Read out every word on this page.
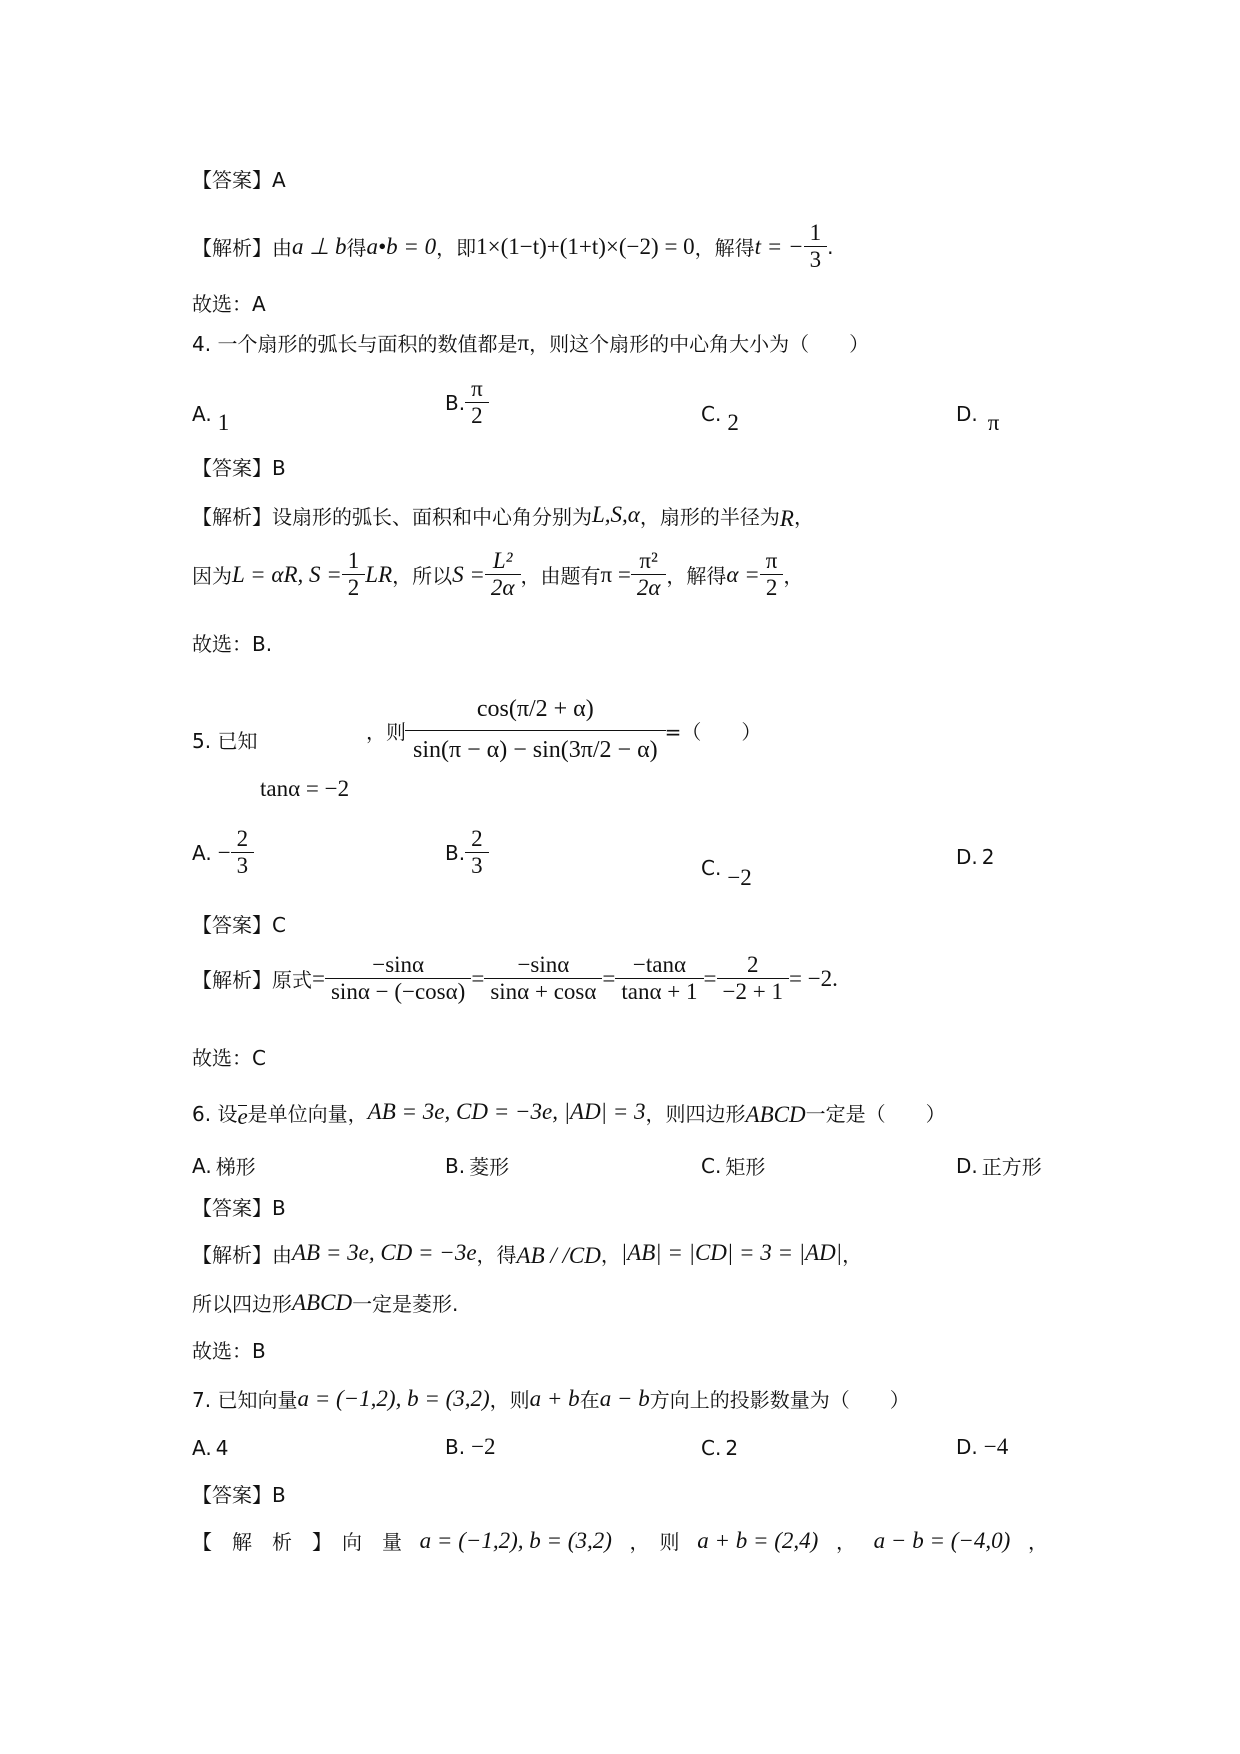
【答案】A
【解析】由 a ⊥ b 得 a•b = 0 ，即 1×(1−t)+(1+t)×(−2) = 0 ，解得 t = − $\frac{1}{3}$ .
故选：A
4. 一个扇形的弧长与面积的数值都是 π ，则这个扇形的中心角大小为（　　）
A. 1
B. $\frac{\pi}{2}$	C. 2	D. π
【答案】B
【解析】设扇形的弧长、面积和中心角分别为 L,S,α ，扇形的半径为 R ，
因为 L = αR, $S = \frac{1}{2}$ LR ，所以 $S = \frac{\text{L²}}{2\alpha}$ ，由题有 $\pi = \frac{\text{π²}}{2\alpha}$ ，解得 $\alpha = \frac{\pi}{2}$ ，
故选：B.
5. 已知
tanα = −2
，则 $\frac{\cos(\pi/2 + \alpha)}{\sin(\pi - \alpha) - \sin(3\pi/2 - \alpha)}$ =（　　）
A. − $\frac{2}{3}$	B. $\frac{2}{3}$	C. −2
D. 2
【答案】C
【解析】原式 = $\frac{-\sin\alpha}{\sin\alpha - (-\cos\alpha)} = \frac{-\sin\alpha}{\sin\alpha + \cos\alpha} = \frac{-\tan\alpha}{\tan\alpha + 1} = \frac{2}{-2 + 1} = -2$.
故选：C
6. 设 e 是单位向量， AB = 3e, CD = −3e, |AD| = 3 ，则四边形 ABCD 一定是（　　）
A. 梯形	B. 菱形	C. 矩形	D. 正方形
【答案】B
【解析】由 AB = 3e, CD = −3e ，得 AB / /CD ， |AB| = |CD| = 3 = |AD| ，
所以四边形 ABCD 一定是菱形.
故选：B
7. 已知向量 a = (−1,2), b = (3,2) ，则 a + b 在 a − b 方向上的投影数量为（　　）
A. 4	B. −2	C. 2	D. −4
【答案】B
【　解　析　】　向　量 a = (−1,2), b = (3,2) ，　则 a + b = (2,4) ， a − b = (−4,0) ，
